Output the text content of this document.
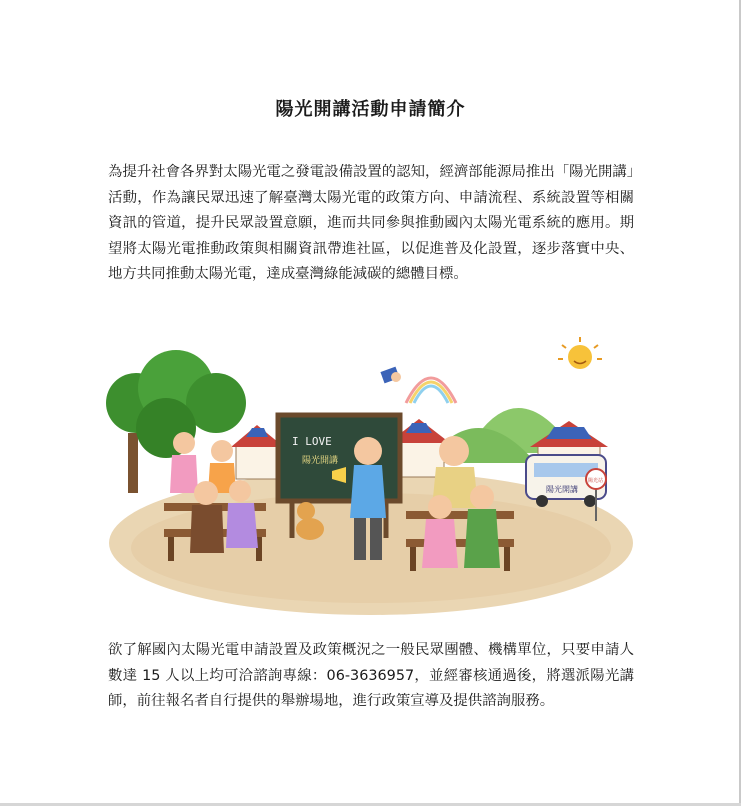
陽光開講活動申請簡介

為提升社會各界對太陽光電之發電設備設置的認知，經濟部能源局推出「陽光開講」活動，作為讓民眾迅速了解臺灣太陽光電的政策方向、申請流程、系統設置等相關資訊的管道，提升民眾設置意願，進而共同參與推動國內太陽光電系統的應用。期望將太陽光電推動政策與相關資訊帶進社區，以促進普及化設置，逐步落實中央、地方共同推動太陽光電，達成臺灣綠能減碳的總體目標。

I LOVE
陽光開講
陽光開講
陽光站

欲了解國內太陽光電申請設置及政策概況之一般民眾團體、機構單位，只要申請人數達 15 人以上均可洽諮詢專線：06-3636957，並經審核通過後，將選派陽光講師，前往報名者自行提供的舉辦場地，進行政策宣導及提供諮詢服務。
